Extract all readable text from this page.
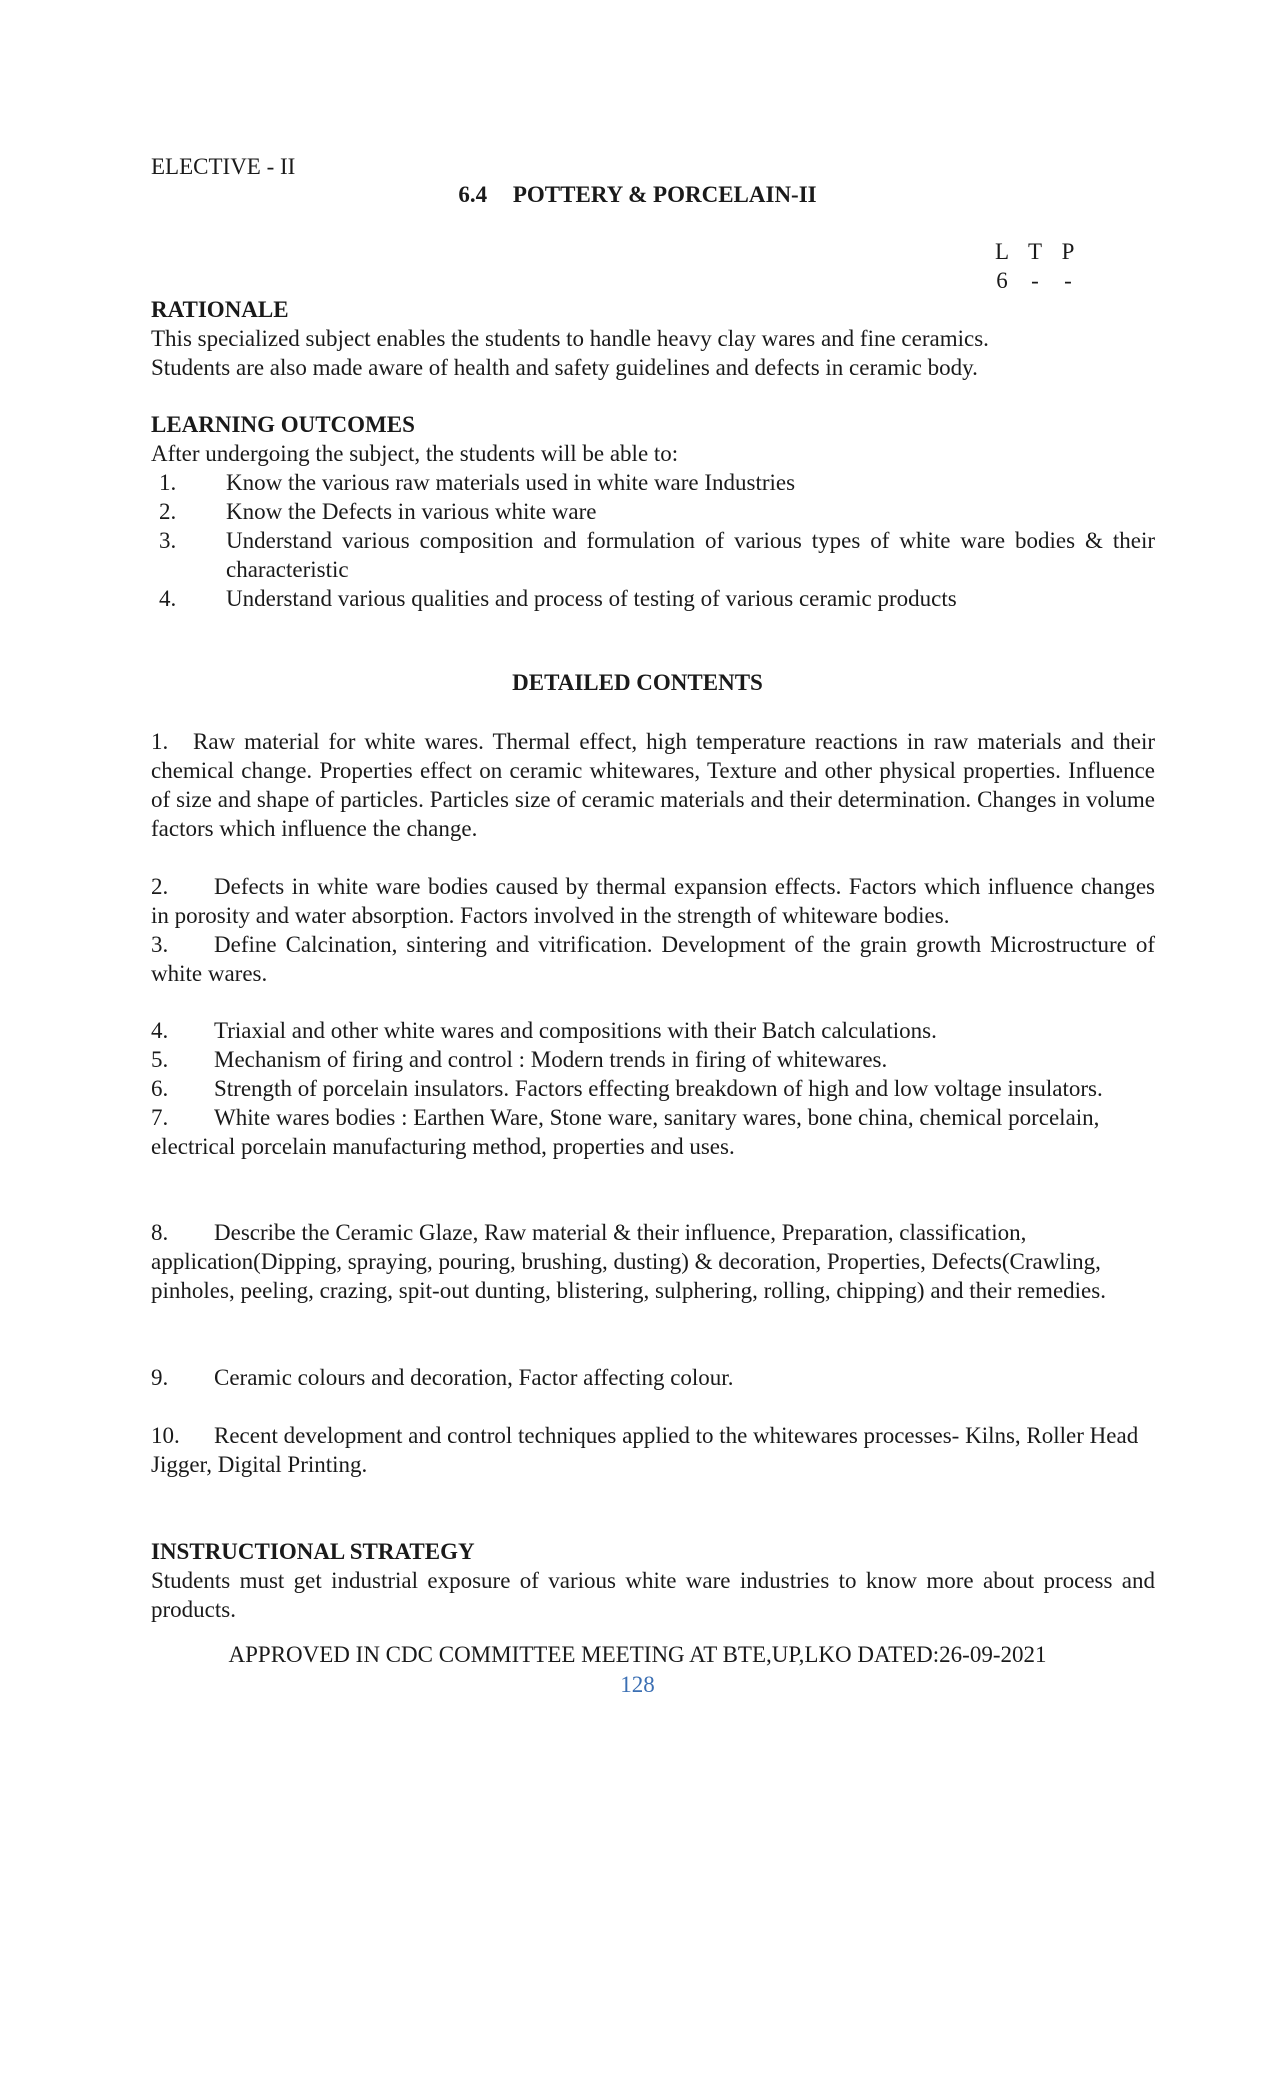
ELECTIVE - II
6.4 POTTERY & PORCELAIN-II
L T P
6	-	-
RATIONALE
This specialized subject enables the students to handle heavy clay wares and fine ceramics.
Students are also made aware of health and safety guidelines and defects in ceramic body.
LEARNING OUTCOMES
After undergoing the subject, the students will be able to:
1.	Know the various raw materials used in white ware Industries
2.	Know the Defects in various white ware
3.	Understand various composition and formulation of various types of white ware bodies & their characteristic
4.	Understand various qualities and process of testing of various ceramic products
DETAILED CONTENTS

1. Raw material for white wares. Thermal effect, high temperature reactions in raw materials and their chemical change. Properties effect on ceramic whitewares, Texture and other physical properties. Influence of size and shape of particles. Particles size of ceramic materials and their determination. Changes in volume factors which influence the change.

2. Defects in white ware bodies caused by thermal expansion effects. Factors which influence changes in porosity and water absorption. Factors involved in the strength of whiteware bodies.

3. Define Calcination, sintering and vitrification. Development of the grain growth Microstructure of white wares.

4. Triaxial and other white wares and compositions with their Batch calculations.

5. Mechanism of firing and control : Modern trends in firing of whitewares.

6. Strength of porcelain insulators. Factors effecting breakdown of high and low voltage insulators.

7. White wares bodies : Earthen Ware, Stone ware, sanitary wares, bone china, chemical porcelain, electrical porcelain manufacturing method, properties and uses.

8. Describe the Ceramic Glaze, Raw material & their influence, Preparation, classification, application(Dipping, spraying, pouring, brushing, dusting) & decoration, Properties, Defects(Crawling, pinholes, peeling, crazing, spit-out dunting, blistering, sulphering, rolling, chipping) and their remedies.

9. Ceramic colours and decoration, Factor affecting colour.

10. Recent development and control techniques applied to the whitewares processes- Kilns, Roller Head Jigger, Digital Printing.

INSTRUCTIONAL STRATEGY

Students must get industrial exposure of various white ware industries to know more about process and products.

APPROVED IN CDC COMMITTEE MEETING AT BTE,UP,LKO DATED:26-09-2021
128
